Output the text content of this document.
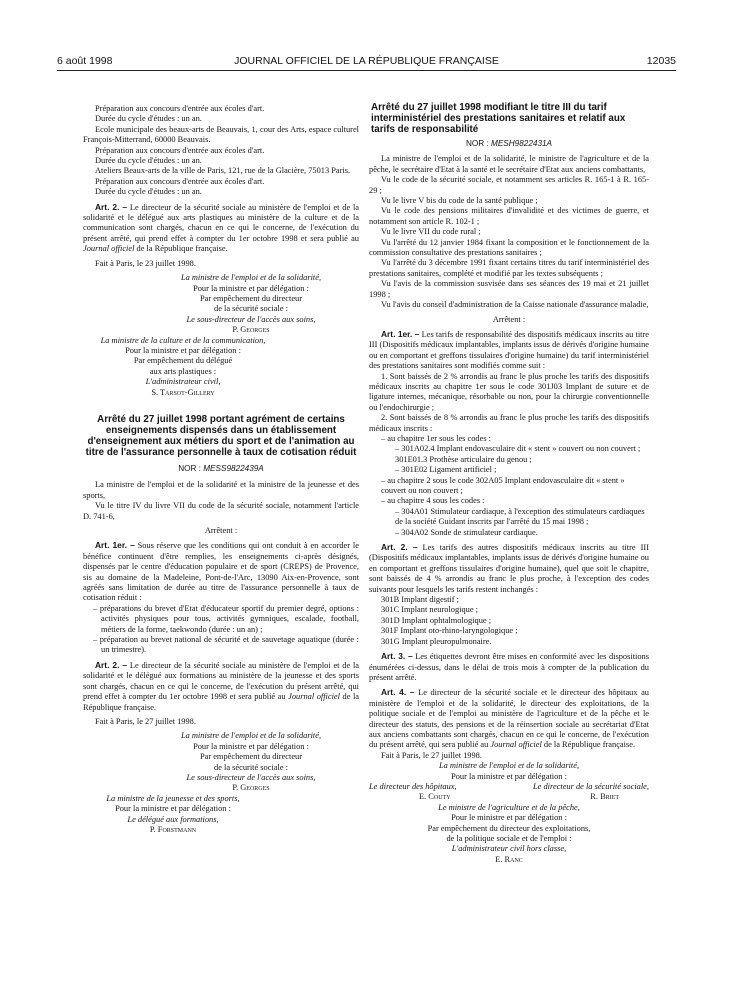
6 août 1998	JOURNAL OFFICIEL DE LA RÉPUBLIQUE FRANÇAISE	12035

Préparation aux concours d'entrée aux écoles d'art.

Durée du cycle d'études : un an.

Ecole municipale des beaux-arts de Beauvais, 1, cour des Arts, espace culturel François-Mitterrand, 60000 Beauvais.

Préparation aux concours d'entrée aux écoles d'art.

Durée du cycle d'études : un an.

Ateliers Beaux-arts de la ville de Paris, 121, rue de la Glacière, 75013 Paris.

Préparation aux concours d'entrée aux écoles d'art.

Durée du cycle d'études : un an.

Art. 2. – Le directeur de la sécurité sociale au ministère de l'emploi et de la solidarité et le délégué aux arts plastiques au ministère de la culture et de la communication sont chargés, chacun en ce qui le concerne, de l'exécution du présent arrêté, qui prend effet à compter du 1er octobre 1998 et sera publié au Journal officiel de la République française.

Fait à Paris, le 23 juillet 1998.

La ministre de l'emploi et de la solidarité,

Pour la ministre et par délégation :

Par empêchement du directeur

de la sécurité sociale :

Le sous-directeur de l'accès aux soins,

P. Georges

La ministre de la culture et de la communication,

Pour la ministre et par délégation :

Par empêchement du délégué

aux arts plastiques :

L'administrateur civil,

S. Tarsot-Gillery

Arrêté du 27 juillet 1998 portant agrément de certains enseignements dispensés dans un établissement d'enseignement aux métiers du sport et de l'animation au titre de l'assurance personnelle à taux de cotisation réduit

NOR : MESS9822439A

La ministre de l'emploi et de la solidarité et la ministre de la jeunesse et des sports,

Vu le titre IV du livre VII du code de la sécurité sociale, notamment l'article D. 741-6,

Arrêtent :

Art. 1er. – Sous réserve que les conditions qui ont conduit à en accorder le bénéfice continuent d'être remplies, les enseignements ci-après désignés, dispensés par le centre d'éducation populaire et de sport (CREPS) de Provence, sis au domaine de la Madeleine, Pont-de-l'Arc, 13090 Aix-en-Provence, sont agréés sans limitation de durée au titre de l'assurance personnelle à taux de cotisation réduit :

– préparations du brevet d'Etat d'éducateur sportif du premier degré, options : activités physiques pour tous, activités gymniques, escalade, football, métiers de la forme, taekwondo (durée : un an) ;

– préparation au brevet national de sécurité et de sauvetage aquatique (durée : un trimestre).

Art. 2. – Le directeur de la sécurité sociale au ministère de l'emploi et de la solidarité et le délégué aux formations au ministère de la jeunesse et des sports sont chargés, chacun en ce qui le concerne, de l'exécution du présent arrêté, qui prend effet à compter du 1er octobre 1998 et sera publié au Journal officiel de la République française.

Fait à Paris, le 27 juillet 1998.

La ministre de l'emploi et de la solidarité,

Pour la ministre et par délégation :

Par empêchement du directeur

de la sécurité sociale :

Le sous-directeur de l'accès aux soins,

P. Georges

La ministre de la jeunesse et des sports,

Pour la ministre et par délégation :

Le délégué aux formations,

P. Forstmann

Arrêté du 27 juillet 1998 modifiant le titre III du tarif interministériel des prestations sanitaires et relatif aux tarifs de responsabilité

NOR : MESH9822431A

La ministre de l'emploi et de la solidarité, le ministre de l'agriculture et de la pêche, le secrétaire d'Etat à la santé et le secrétaire d'Etat aux anciens combattants,

Vu le code de la sécurité sociale, et notamment ses articles R. 165-1 à R. 165-29 ;

Vu le livre V bis du code de la santé publique ;

Vu le code des pensions militaires d'invalidité et des victimes de guerre, et notamment son article R. 102-1 ;

Vu le livre VII du code rural ;

Vu l'arrêté du 12 janvier 1984 fixant la composition et le fonctionnement de la commission consultative des prestations sanitaires ;

Vu l'arrêté du 3 décembre 1991 fixant certains titres du tarif interministériel des prestations sanitaires, complété et modifié par les textes subséquents ;

Vu l'avis de la commission susvisée dans ses séances des 19 mai et 21 juillet 1998 ;

Vu l'avis du conseil d'administration de la Caisse nationale d'assurance maladie,

Arrêtent :

Art. 1er. – Les tarifs de responsabilité des dispositifs médicaux inscrits au titre III (Dispositifs médicaux implantables, implants issus de dérivés d'origine humaine ou en comportant et greffons tissulaires d'origine humaine) du tarif interministériel des prestations sanitaires sont modifiés comme suit :

1. Sont baissés de 2 % arrondis au franc le plus proche les tarifs des dispositifs médicaux inscrits au chapitre 1er sous le code 301J03 Implant de suture et de ligature internes, mécanique, résorbable ou non, pour la chirurgie conventionnelle ou l'endochirurgie ;

2. Sont baissés de 8 % arrondis au franc le plus proche les tarifs des dispositifs médicaux inscrits :

– au chapitre 1er sous les codes :

– 301A02.4 Implant endovasculaire dit « stent » couvert ou non couvert ;

301E01.3 Prothèse articulaire du genou ;

– 301E02 Ligament artificiel ;

– au chapitre 2 sous le code 302A05 Implant endovasculaire dit « stent » couvert ou non couvert ;

– au chapitre 4 sous les codes :

– 304A01 Stimulateur cardiaque, à l'exception des stimulateurs cardiaques de la société Guidant inscrits par l'arrêté du 15 mai 1998 ;

– 304A02 Sonde de stimulateur cardiaque.

Art. 2. – Les tarifs des autres dispositifs médicaux inscrits au titre III (Dispositifs médicaux implantables, implants issus de dérivés d'origine humaine ou en comportant et greffons tissulaires d'origine humaine), quel que soit le chapitre, sont baissés de 4 % arrondis au franc le plus proche, à l'exception des codes suivants pour lesquels les tarifs restent inchangés :

301B Implant digestif ;

301C Implant neurologique ;

301D Implant ophtalmologique ;

301F Implant oto-rhino-laryngologique ;

301G Implant pleuropulmonaire.

Art. 3. – Les étiquettes devront être mises en conformité avec les dispositions énumérées ci-dessus, dans le délai de trois mois à compter de la publication du présent arrêté.

Art. 4. – Le directeur de la sécurité sociale et le directeur des hôpitaux au ministère de l'emploi et de la solidarité, le directeur des exploitations, de la politique sociale et de l'emploi au ministère de l'agriculture et de la pêche et le directeur des statuts, des pensions et de la réinsertion sociale au secrétariat d'Etat aux anciens combattants sont chargés, chacun en ce qui le concerne, de l'exécution du présent arrêté, qui sera publié au Journal officiel de la République française.

Fait à Paris, le 27 juillet 1998.

La ministre de l'emploi et de la solidarité,

Pour la ministre et par délégation :

Le directeur des hôpitaux,	Le directeur de la sécurité sociale,
E. Couty	R. Briet

Le ministre de l'agriculture et de la pêche,

Pour le ministre et par délégation :

Par empêchement du directeur des exploitations,

de la politique sociale et de l'emploi :

L'administrateur civil hors classe,

E. Ranc
